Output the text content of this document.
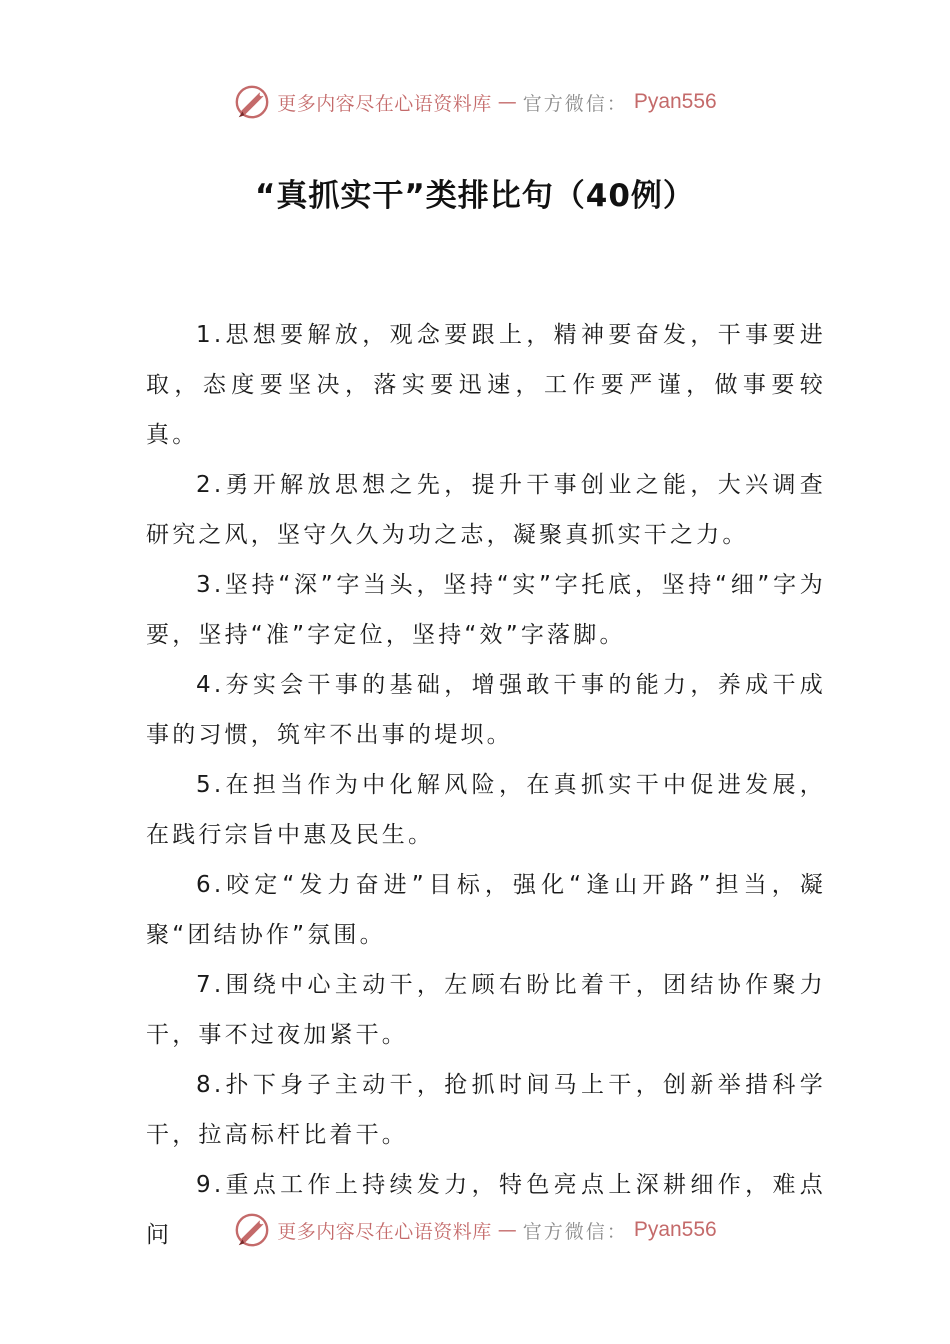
更多内容尽在心语资料库 — 官方微信： Pyan556
“真抓实干”类排比句（40例）

1.思想要解放，观念要跟上，精神要奋发，干事要进取，态度要坚决，落实要迅速，工作要严谨，做事要较真。

2.勇开解放思想之先，提升干事创业之能，大兴调查研究之风，坚守久久为功之志，凝聚真抓实干之力。

3.坚持“深”字当头，坚持“实”字托底，坚持“细”字为要，坚持“准”字定位，坚持“效”字落脚。

4.夯实会干事的基础，增强敢干事的能力，养成干成事的习惯，筑牢不出事的堤坝。

5.在担当作为中化解风险，在真抓实干中促进发展，在践行宗旨中惠及民生。

6.咬定“发力奋进”目标，强化“逢山开路”担当，凝聚“团结协作”氛围。

7.围绕中心主动干，左顾右盼比着干，团结协作聚力干，事不过夜加紧干。

8.扑下身子主动干，抢抓时间马上干，创新举措科学干，拉高标杆比着干。

9.重点工作上持续发力，特色亮点上深耕细作，难点问	更多内容尽在心语资料库 — 官方微信： Pyan556
